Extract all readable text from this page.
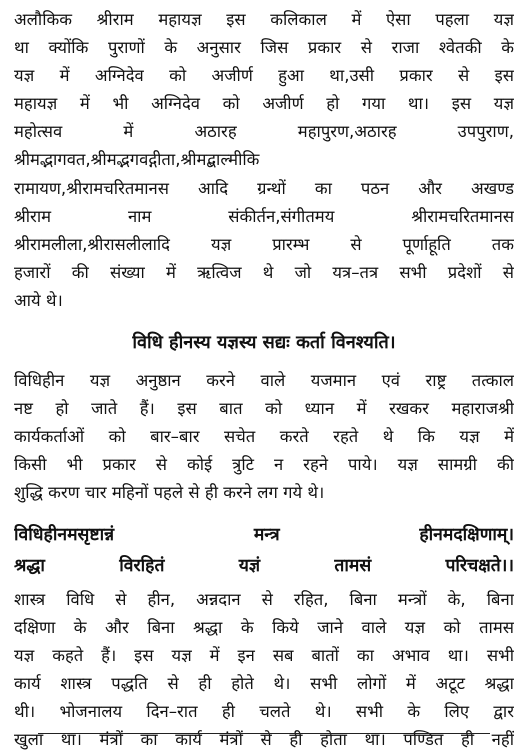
अलौकिक श्रीराम महायज्ञ इस कलिकाल में ऐसा पहला यज्ञ
था क्योंकि पुराणों के अनुसार जिस प्रकार से राजा श्वेतकी के
यज्ञ में अग्निदेव को अजीर्ण हुआ था,उसी प्रकार से इस
महायज्ञ में भी अग्निदेव को अजीर्ण हो गया था। इस यज्ञ
महोत्सव में अठारह महापुरण,अठारह उपपुराण,
श्रीमद्भागवत,श्रीमद्भगवद्गीता,श्रीमद्बाल्मीकि
रामायण,श्रीरामचरितमानस आदि ग्रन्थों का पठन और अखण्ड
श्रीराम नाम संकीर्तन,संगीतमय श्रीरामचरितमानस
श्रीरामलीला,श्रीरासलीलादि यज्ञ प्रारम्भ से पूर्णाहूति तक
हजारों की संख्या में ऋत्विज थे जो यत्र–तत्र सभी प्रदेशों से
आये थे।
विधि हीनस्य यज्ञस्य सद्यः कर्ता विनश्यति।
विधिहीन यज्ञ अनुष्ठान करने वाले यजमान एवं राष्ट्र तत्काल
नष्ट हो जाते हैं। इस बात को ध्यान में रखकर महाराजश्री
कार्यकर्ताओं को बार–बार सचेत करते रहते थे कि यज्ञ में
किसी भी प्रकार से कोई त्रुटि न रहने पाये। यज्ञ सामग्री की
शुद्धि करण चार महिनों पहले से ही करने लग गये थे।
विधिहीनमसृष्टान्नं मन्त्र हीनमदक्षिणाम्।
श्रद्धा विरहितं यज्ञं तामसं परिचक्षते।।
शास्त्र विधि से हीन, अन्नदान से रहित, बिना मन्त्रों के, बिना
दक्षिणा के और बिना श्रद्धा के किये जाने वाले यज्ञ को तामस
यज्ञ कहते हैं। इस यज्ञ में इन सब बातों का अभाव था। सभी
कार्य शास्त्र पद्धति से ही होते थे। सभी लोगों में अटूट श्रद्धा
थी। भोजनालय दिन–रात ही चलते थे। सभी के लिए द्वार
खुला था। मंत्रों का कार्य मंत्रों से ही होता था। पण्डित ही नहीं
